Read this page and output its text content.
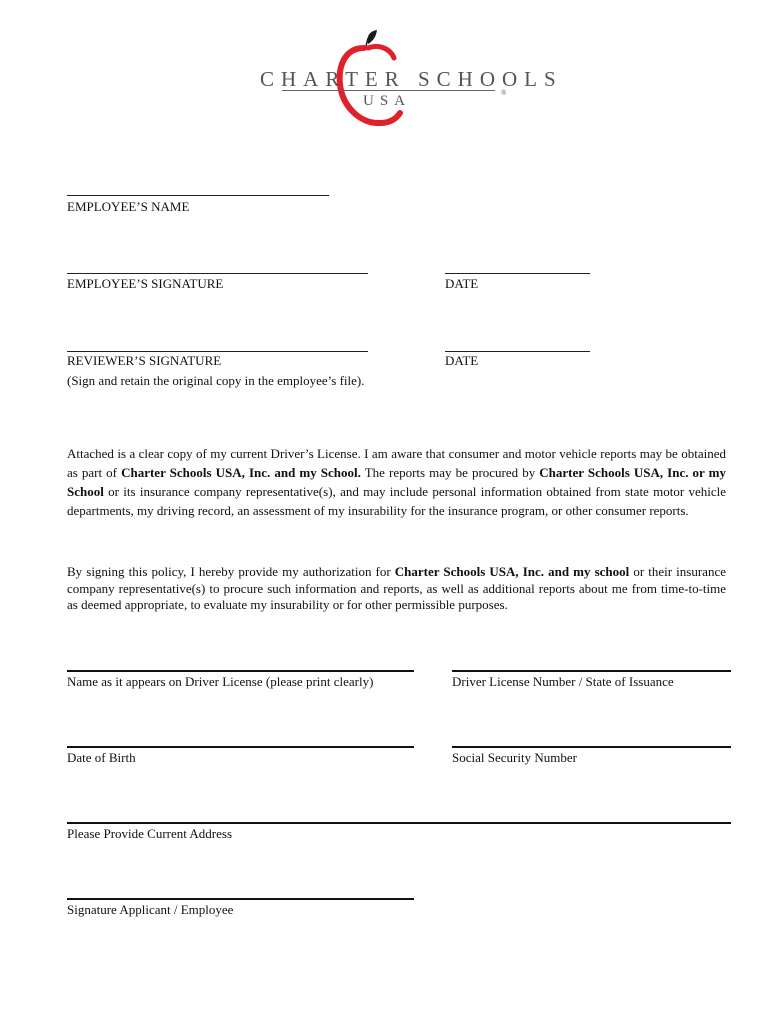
CHARTER SCHOOLS
USA	®
EMPLOYEE’S NAME
EMPLOYEE’S SIGNATURE	DATE
REVIEWER’S SIGNATURE	DATE
(Sign and retain the original copy in the employee’s file).
Attached is a clear copy of my current Driver’s License. I am aware that consumer and motor vehicle reports may be obtained as part of Charter Schools USA, Inc. and my School. The reports may be procured by Charter Schools USA, Inc. or my School or its insurance company representative(s), and may include personal information obtained from state motor vehicle departments, my driving record, an assessment of my insurability for the insurance program, or other consumer reports.
By signing this policy, I hereby provide my authorization for Charter Schools USA, Inc. and my school or their insurance company representative(s) to procure such information and reports, as well as additional reports about me from time-to-time as deemed appropriate, to evaluate my insurability or for other permissible purposes.
Name as it appears on Driver License (please print clearly)	Driver License Number / State of Issuance
Date of Birth	Social Security Number
Please Provide Current Address
Signature Applicant / Employee
